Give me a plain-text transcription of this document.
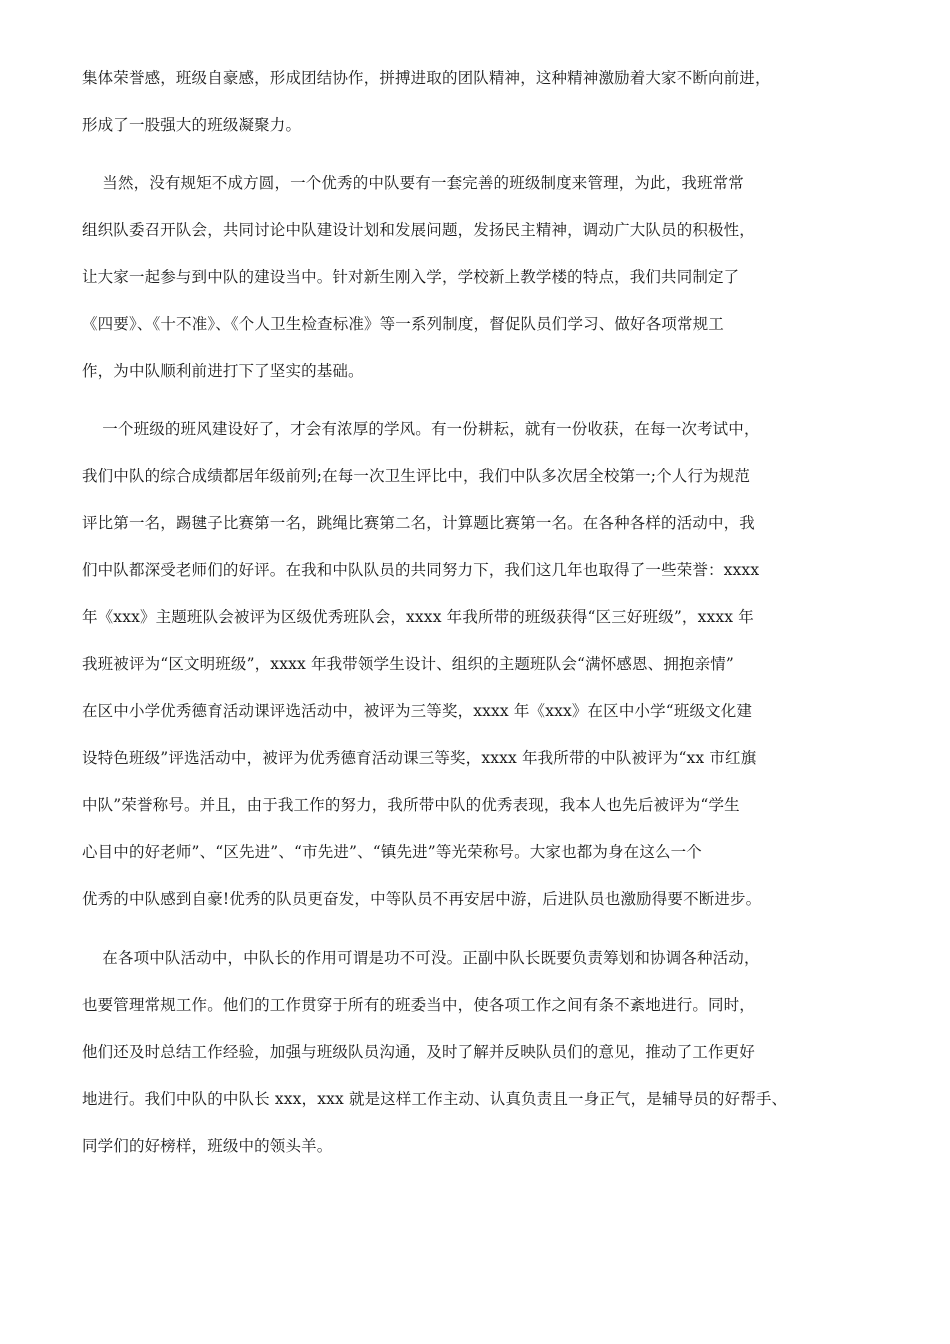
集体荣誉感，班级自豪感，形成团结协作，拼搏进取的团队精神，这种精神激励着大家不断向前进，
形成了一股强大的班级凝聚力。
当然，没有规矩不成方圆，一个优秀的中队要有一套完善的班级制度来管理，为此，我班常常
组织队委召开队会，共同讨论中队建设计划和发展问题，发扬民主精神，调动广大队员的积极性，
让大家一起参与到中队的建设当中。针对新生刚入学，学校新上教学楼的特点，我们共同制定了
《四要》、《十不准》、《个人卫生检查标准》等一系列制度，督促队员们学习、做好各项常规工
作，为中队顺利前进打下了坚实的基础。
一个班级的班风建设好了，才会有浓厚的学风。有一份耕耘，就有一份收获，在每一次考试中，
我们中队的综合成绩都居年级前列;在每一次卫生评比中，我们中队多次居全校第一;个人行为规范
评比第一名，踢毽子比赛第一名，跳绳比赛第二名，计算题比赛第一名。在各种各样的活动中，我
们中队都深受老师们的好评。在我和中队队员的共同努力下，我们这几年也取得了一些荣誉：xxxx
年《xxx》主题班队会被评为区级优秀班队会，xxxx 年我所带的班级获得“区三好班级”，xxxx 年
我班被评为“区文明班级”，xxxx 年我带领学生设计、组织的主题班队会“满怀感恩、拥抱亲情”
在区中小学优秀德育活动课评选活动中，被评为三等奖，xxxx 年《xxx》在区中小学“班级文化建
设特色班级”评选活动中，被评为优秀德育活动课三等奖，xxxx 年我所带的中队被评为“xx 市红旗
中队”荣誉称号。并且，由于我工作的努力，我所带中队的优秀表现，我本人也先后被评为“学生
心目中的好老师”、“区先进”、“市先进”、“镇先进”等光荣称号。大家也都为身在这么一个
优秀的中队感到自豪!优秀的队员更奋发，中等队员不再安居中游，后进队员也激励得要不断进步。
在各项中队活动中，中队长的作用可谓是功不可没。正副中队长既要负责筹划和协调各种活动，
也要管理常规工作。他们的工作贯穿于所有的班委当中，使各项工作之间有条不紊地进行。同时，
他们还及时总结工作经验，加强与班级队员沟通，及时了解并反映队员们的意见，推动了工作更好
地进行。我们中队的中队长 xxx，xxx 就是这样工作主动、认真负责且一身正气，是辅导员的好帮手、
同学们的好榜样，班级中的领头羊。
